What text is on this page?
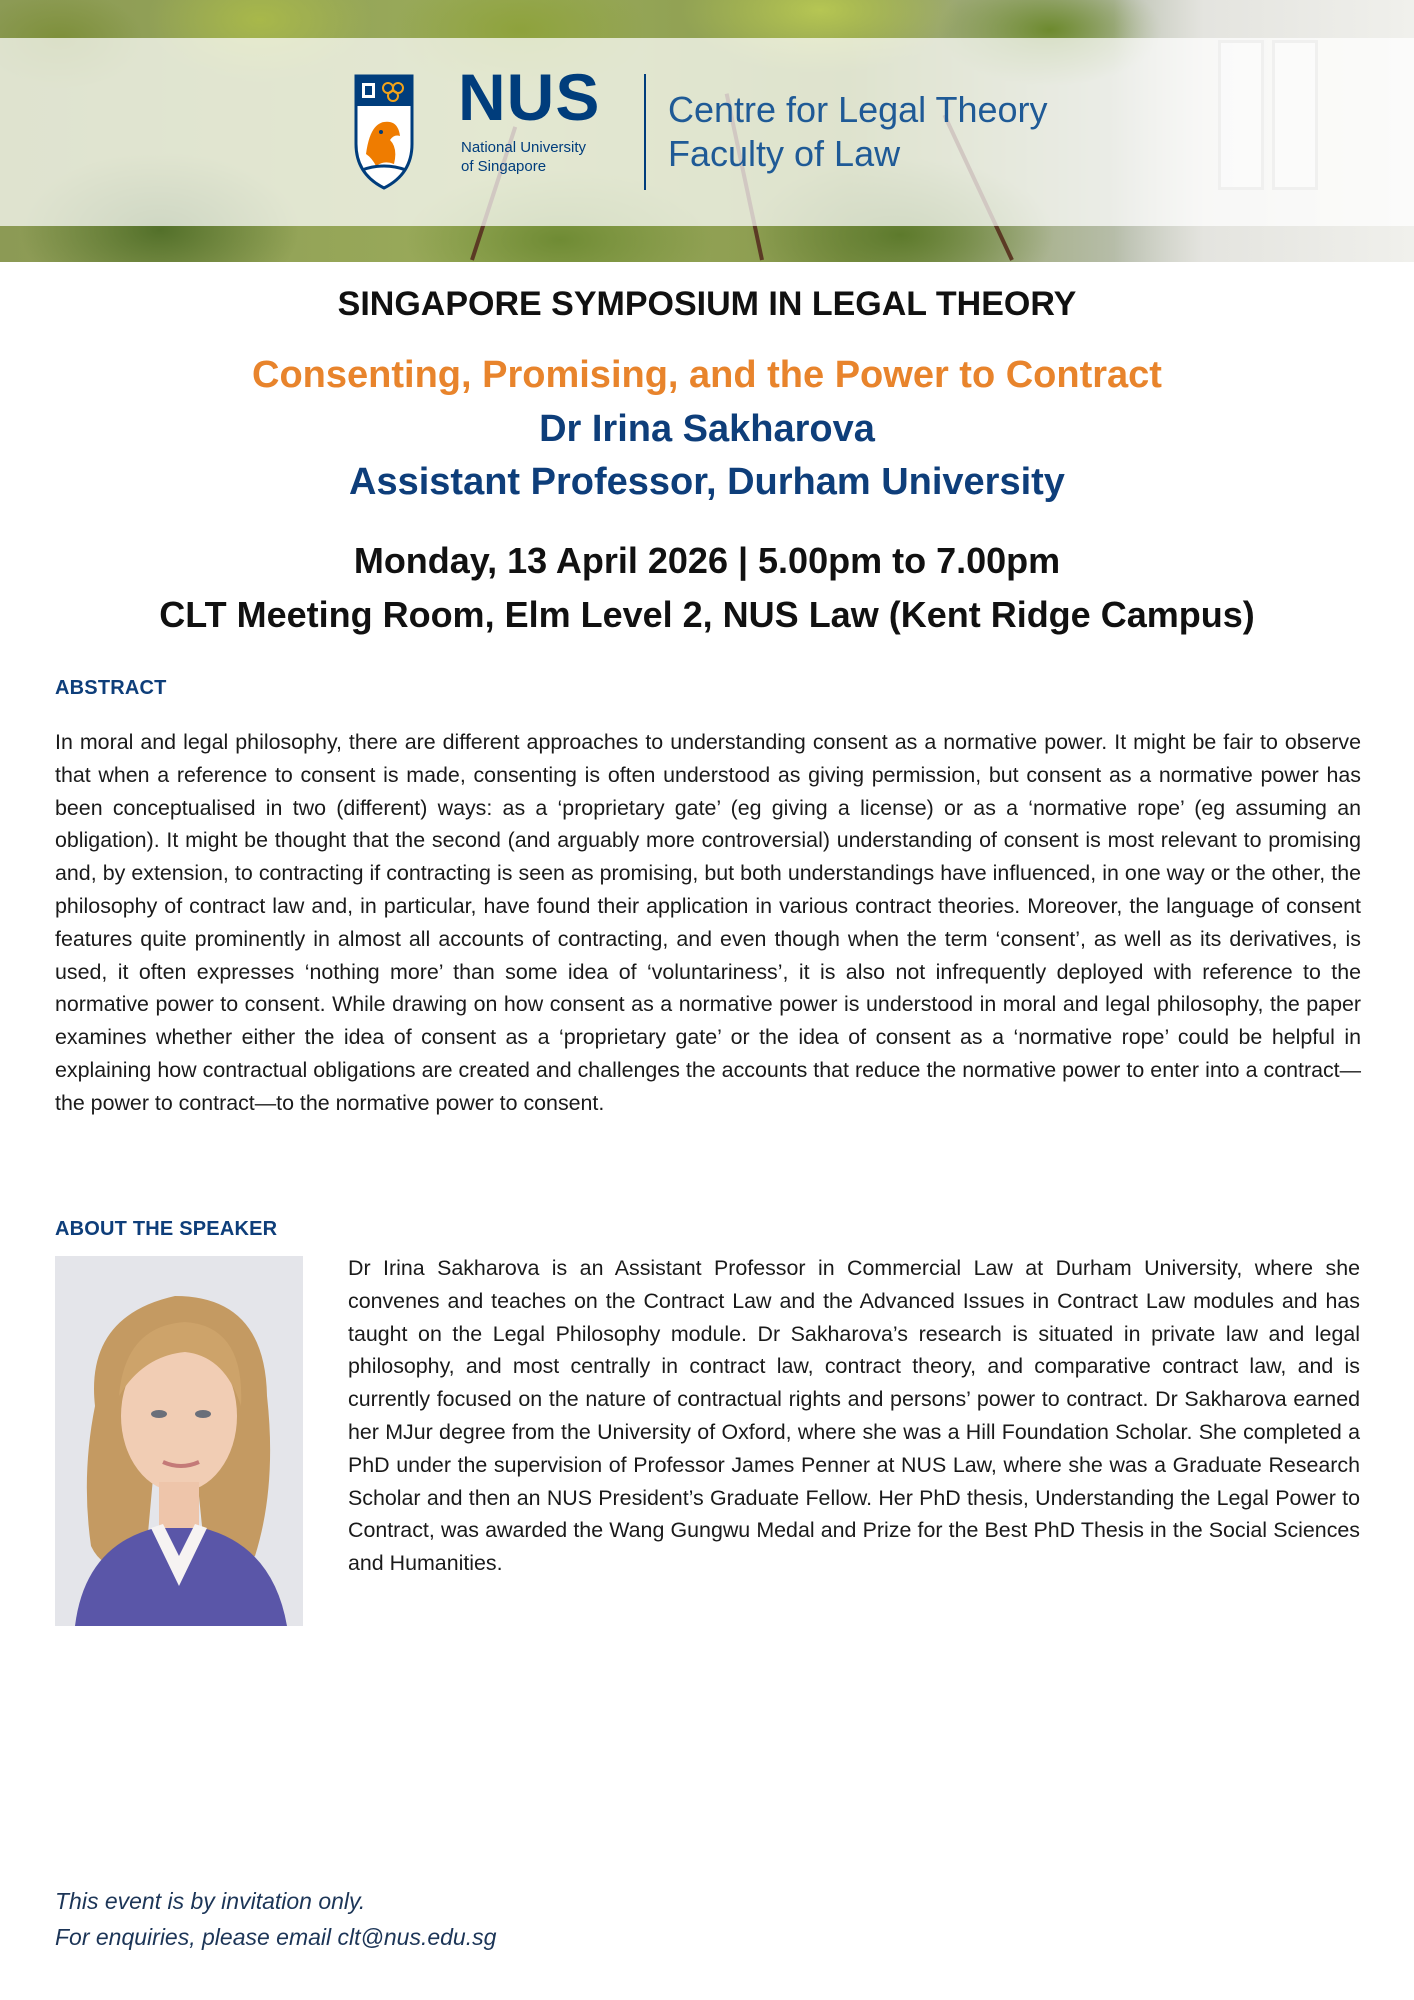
NUS
National University
of Singapore
Centre for Legal Theory
Faculty of Law
SINGAPORE SYMPOSIUM IN LEGAL THEORY
Consenting, Promising, and the Power to Contract
Dr Irina Sakharova
Assistant Professor, Durham University
Monday, 13 April 2026 | 5.00pm to 7.00pm
CLT Meeting Room, Elm Level 2, NUS Law (Kent Ridge Campus)
ABSTRACT
In moral and legal philosophy, there are different approaches to understanding consent as a normative power. It might be fair to observe that when a reference to consent is made, consenting is often understood as giving permission, but consent as a normative power has been conceptualised in two (different) ways: as a ‘proprietary gate’ (eg giving a license) or as a ‘normative rope’ (eg assuming an obligation). It might be thought that the second (and arguably more controversial) understanding of consent is most relevant to promising and, by extension, to contracting if contracting is seen as promising, but both understandings have influenced, in one way or the other, the philosophy of contract law and, in particular, have found their application in various contract theories. Moreover, the language of consent features quite prominently in almost all accounts of contracting, and even though when the term ‘consent’, as well as its derivatives, is used, it often expresses ‘nothing more’ than some idea of ‘voluntariness’, it is also not infrequently deployed with reference to the normative power to consent. While drawing on how consent as a normative power is understood in moral and legal philosophy, the paper examines whether either the idea of consent as a ‘proprietary gate’ or the idea of consent as a ‘normative rope’ could be helpful in explaining how contractual obligations are created and challenges the accounts that reduce the normative power to enter into a contract—the power to contract—to the normative power to consent.
ABOUT THE SPEAKER
Dr Irina Sakharova is an Assistant Professor in Commercial Law at Durham University, where she convenes and teaches on the Contract Law and the Advanced Issues in Contract Law modules and has taught on the Legal Philosophy module. Dr Sakharova’s research is situated in private law and legal philosophy, and most centrally in contract law, contract theory, and comparative contract law, and is currently focused on the nature of contractual rights and persons’ power to contract. Dr Sakharova earned her MJur degree from the University of Oxford, where she was a Hill Foundation Scholar. She completed a PhD under the supervision of Professor James Penner at NUS Law, where she was a Graduate Research Scholar and then an NUS President’s Graduate Fellow. Her PhD thesis, Understanding the Legal Power to Contract, was awarded the Wang Gungwu Medal and Prize for the Best PhD Thesis in the Social Sciences and Humanities.
This event is by invitation only.
For enquiries, please email clt@nus.edu.sg
